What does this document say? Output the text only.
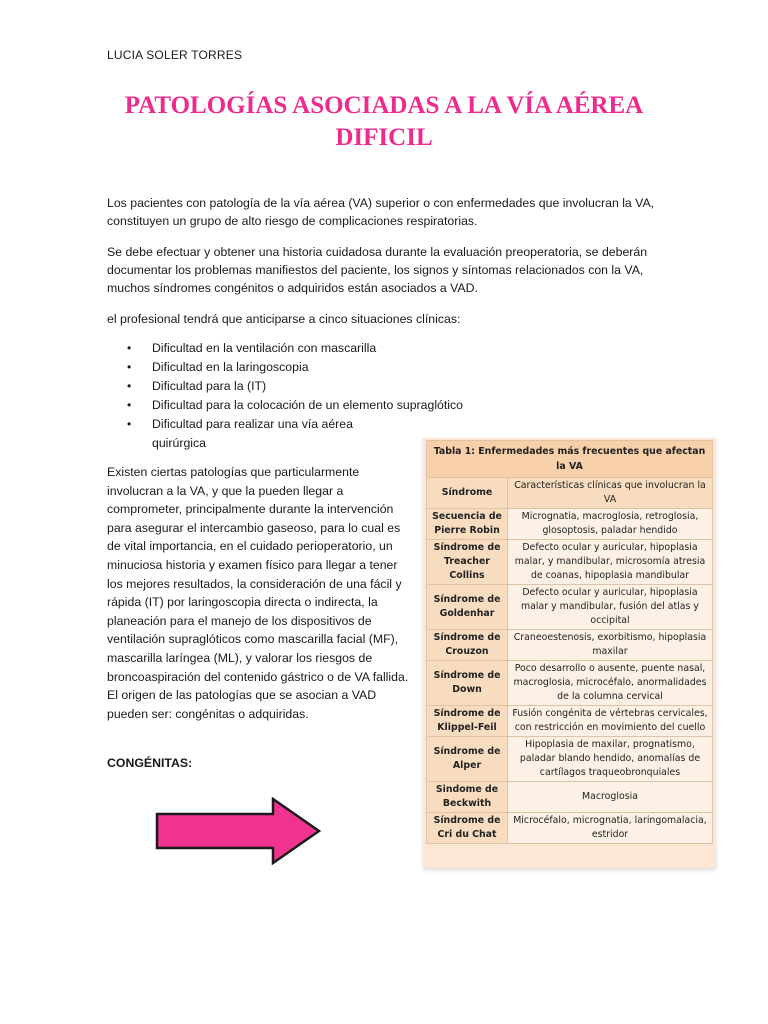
LUCIA SOLER TORRES
PATOLOGÍAS ASOCIADAS A LA VÍA AÉREA
DIFICIL

Los pacientes con patología de la vía aérea (VA) superior o con enfermedades que involucran la VA, constituyen un grupo de alto riesgo de complicaciones respiratorias.

Se debe efectuar y obtener una historia cuidadosa durante la evaluación preoperatoria, se deberán documentar los problemas manifiestos del paciente, los signos y síntomas relacionados con la VA, muchos síndromes congénitos o adquiridos están asociados a VAD.

el profesional tendrá que anticiparse a cinco situaciones clínicas:

• Dificultad en la ventilación con mascarilla
• Dificultad en la laringoscopia
• Dificultad para la (IT)
• Dificultad para la colocación de un elemento supraglótico
• Dificultad para realizar una vía aérea quirúrgica

Existen ciertas patologías que particularmente involucran a la VA, y que la pueden llegar a comprometer, principalmente durante la intervención para asegurar el intercambio gaseoso, para lo cual es de vital importancia, en el cuidado perioperatorio, un minuciosa historia y examen físico para llegar a tener los mejores resultados, la consideración de una fácil y rápida (IT) por laringoscopia directa o indirecta, la planeación para el manejo de los dispositivos de ventilación supraglóticos como mascarilla facial (MF), mascarilla laríngea (ML), y valorar los riesgos de broncoaspiración del contenido gástrico o de VA fallida. El origen de las patologías que se asocian a VAD pueden ser: congénitas o adquiridas.

CONGÉNITAS:
Tabla 1: Enfermedades más frecuentes que afectan la VA	
Síndrome	Características clínicas que involucran la VA
Secuencia de Pierre Robin	Micrognatia, macroglosia, retroglosia, glosoptosis, paladar hendido
Síndrome de Treacher Collins	Defecto ocular y auricular, hipoplasia malar, y mandibular, microsomía atresia de coanas, hipoplasia mandibular
Síndrome de Goldenhar	Defecto ocular y auricular, hipoplasia malar y mandibular, fusión del atlas y occipital
Síndrome de Crouzon	Craneoestenosis, exorbitismo, hipoplasia maxilar
Síndrome de Down	Poco desarrollo o ausente, puente nasal, macroglosia, microcéfalo, anormalidades de la columna cervical
Síndrome de Klippel-Feil	Fusión congénita de vértebras cervicales, con restricción en movimiento del cuello
Síndrome de Alper	Hipoplasia de maxilar, prognatismo, paladar blando hendido, anomalías de cartílagos traqueobronquiales
Sindome de Beckwith	Macroglosia
Síndrome de Cri du Chat	Microcéfalo, micrognatia, laringomalacia, estridor
